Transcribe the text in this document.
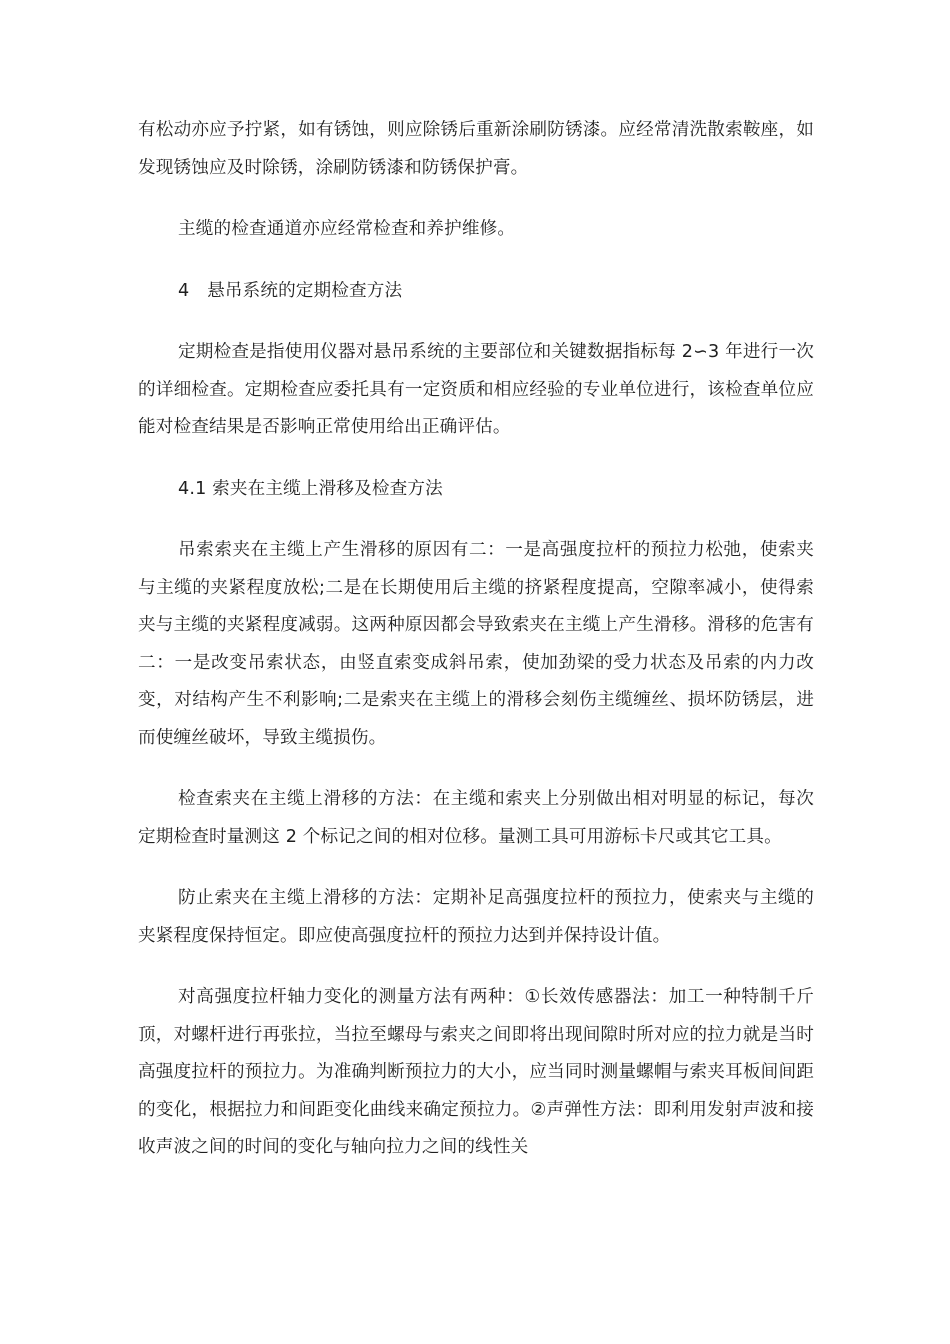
有松动亦应予拧紧，如有锈蚀，则应除锈后重新涂刷防锈漆。应经常清洗散索鞍座，如发现锈蚀应及时除锈，涂刷防锈漆和防锈保护膏。

主缆的检查通道亦应经常检查和养护维修。

4　悬吊系统的定期检查方法

定期检查是指使用仪器对悬吊系统的主要部位和关键数据指标每 2∽3 年进行一次的详细检查。定期检查应委托具有一定资质和相应经验的专业单位进行，该检查单位应能对检查结果是否影响正常使用给出正确评估。

4.1 索夹在主缆上滑移及检查方法

吊索索夹在主缆上产生滑移的原因有二：一是高强度拉杆的预拉力松弛，使索夹与主缆的夹紧程度放松;二是在长期使用后主缆的挤紧程度提高，空隙率减小，使得索夹与主缆的夹紧程度减弱。这两种原因都会导致索夹在主缆上产生滑移。滑移的危害有二：一是改变吊索状态，由竖直索变成斜吊索，使加劲梁的受力状态及吊索的内力改变，对结构产生不利影响;二是索夹在主缆上的滑移会刻伤主缆缠丝、损坏防锈层，进而使缠丝破坏，导致主缆损伤。

检查索夹在主缆上滑移的方法：在主缆和索夹上分别做出相对明显的标记，每次定期检查时量测这 2 个标记之间的相对位移。量测工具可用游标卡尺或其它工具。

防止索夹在主缆上滑移的方法：定期补足高强度拉杆的预拉力，使索夹与主缆的夹紧程度保持恒定。即应使高强度拉杆的预拉力达到并保持设计值。

对高强度拉杆轴力变化的测量方法有两种：①长效传感器法：加工一种特制千斤顶，对螺杆进行再张拉，当拉至螺母与索夹之间即将出现间隙时所对应的拉力就是当时高强度拉杆的预拉力。为准确判断预拉力的大小，应当同时测量螺帽与索夹耳板间间距的变化，根据拉力和间距变化曲线来确定预拉力。②声弹性方法：即利用发射声波和接收声波之间的时间的变化与轴向拉力之间的线性关
